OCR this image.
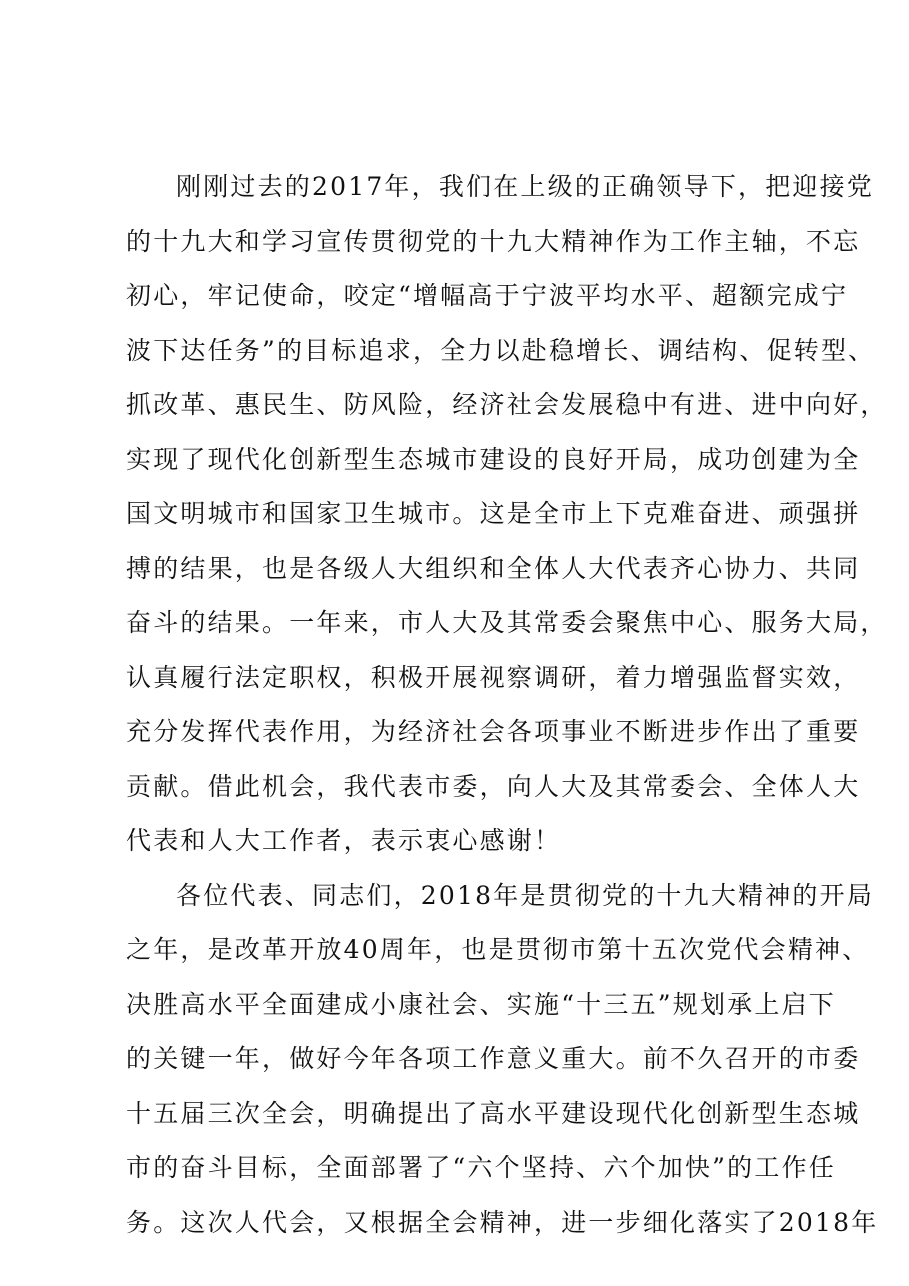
刚刚过去的2017年，我们在上级的正确领导下，把迎接党
的十九大和学习宣传贯彻党的十九大精神作为工作主轴，不忘
初心，牢记使命，咬定“增幅高于宁波平均水平、超额完成宁
波下达任务”的目标追求，全力以赴稳增长、调结构、促转型、
抓改革、惠民生、防风险，经济社会发展稳中有进、进中向好，
实现了现代化创新型生态城市建设的良好开局，成功创建为全
国文明城市和国家卫生城市。这是全市上下克难奋进、顽强拼
搏的结果，也是各级人大组织和全体人大代表齐心协力、共同
奋斗的结果。一年来，市人大及其常委会聚焦中心、服务大局，
认真履行法定职权，积极开展视察调研，着力增强监督实效，
充分发挥代表作用，为经济社会各项事业不断进步作出了重要
贡献。借此机会，我代表市委，向人大及其常委会、全体人大
代表和人大工作者，表示衷心感谢！
各位代表、同志们，2018年是贯彻党的十九大精神的开局
之年，是改革开放40周年，也是贯彻市第十五次党代会精神、
决胜高水平全面建成小康社会、实施“十三五”规划承上启下
的关键一年，做好今年各项工作意义重大。前不久召开的市委
十五届三次全会，明确提出了高水平建设现代化创新型生态城
市的奋斗目标，全面部署了“六个坚持、六个加快”的工作任
务。这次人代会，又根据全会精神，进一步细化落实了2018年
